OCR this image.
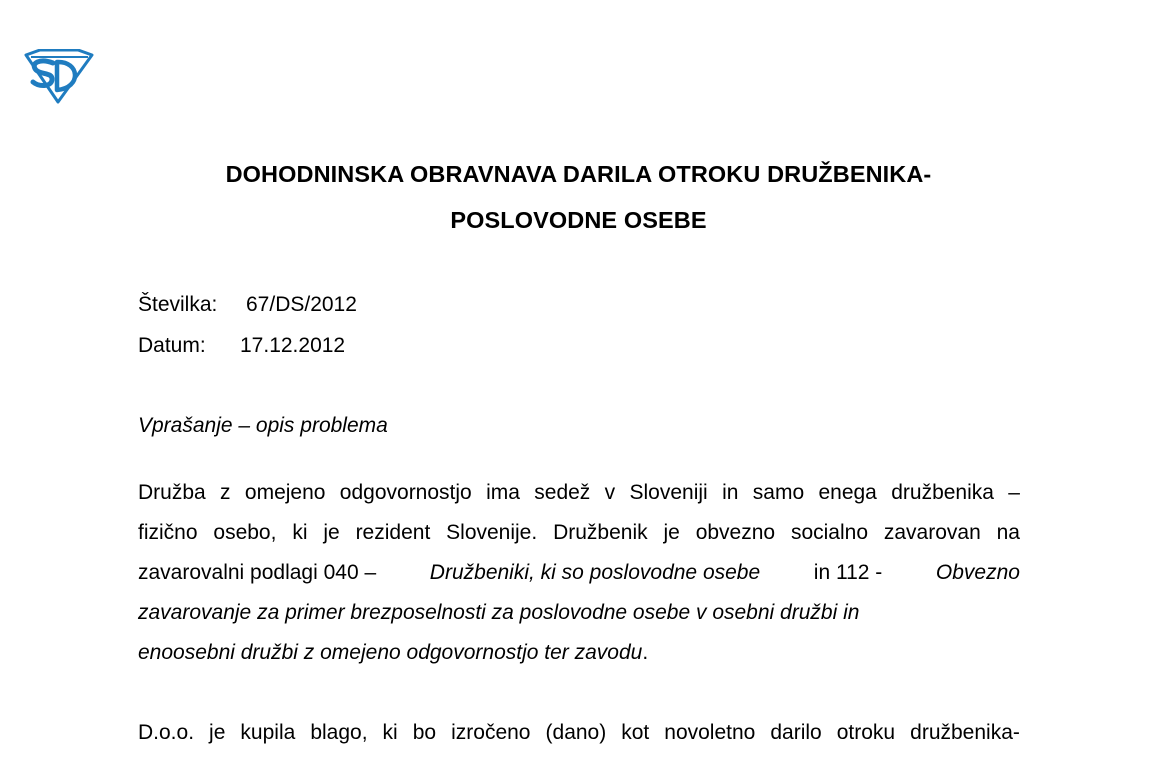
DOHODNINSKA OBRAVNAVA DARILA OTROKU DRUŽBENIKA-
POSLOVODNE OSEBE
Številka: 67/DS/2012
Datum: 17.12.2012
Vprašanje – opis problema
Družba z omejeno odgovornostjo ima sedež v Sloveniji in samo enega družbenika –
fizično osebo, ki je rezident Slovenije. Družbenik je obvezno socialno zavarovan na
zavarovalni podlagi 040 –	Družbeniki, ki so poslovodne osebe	in 112 -	Obvezno
zavarovanje za primer brezposelnosti za poslovodne osebe v osebni družbi in
enoosebni družbi z omejeno odgovornostjo ter zavodu.
D.o.o. je kupila blago, ki bo izročeno (dano) kot novoletno darilo otroku družbenika-
